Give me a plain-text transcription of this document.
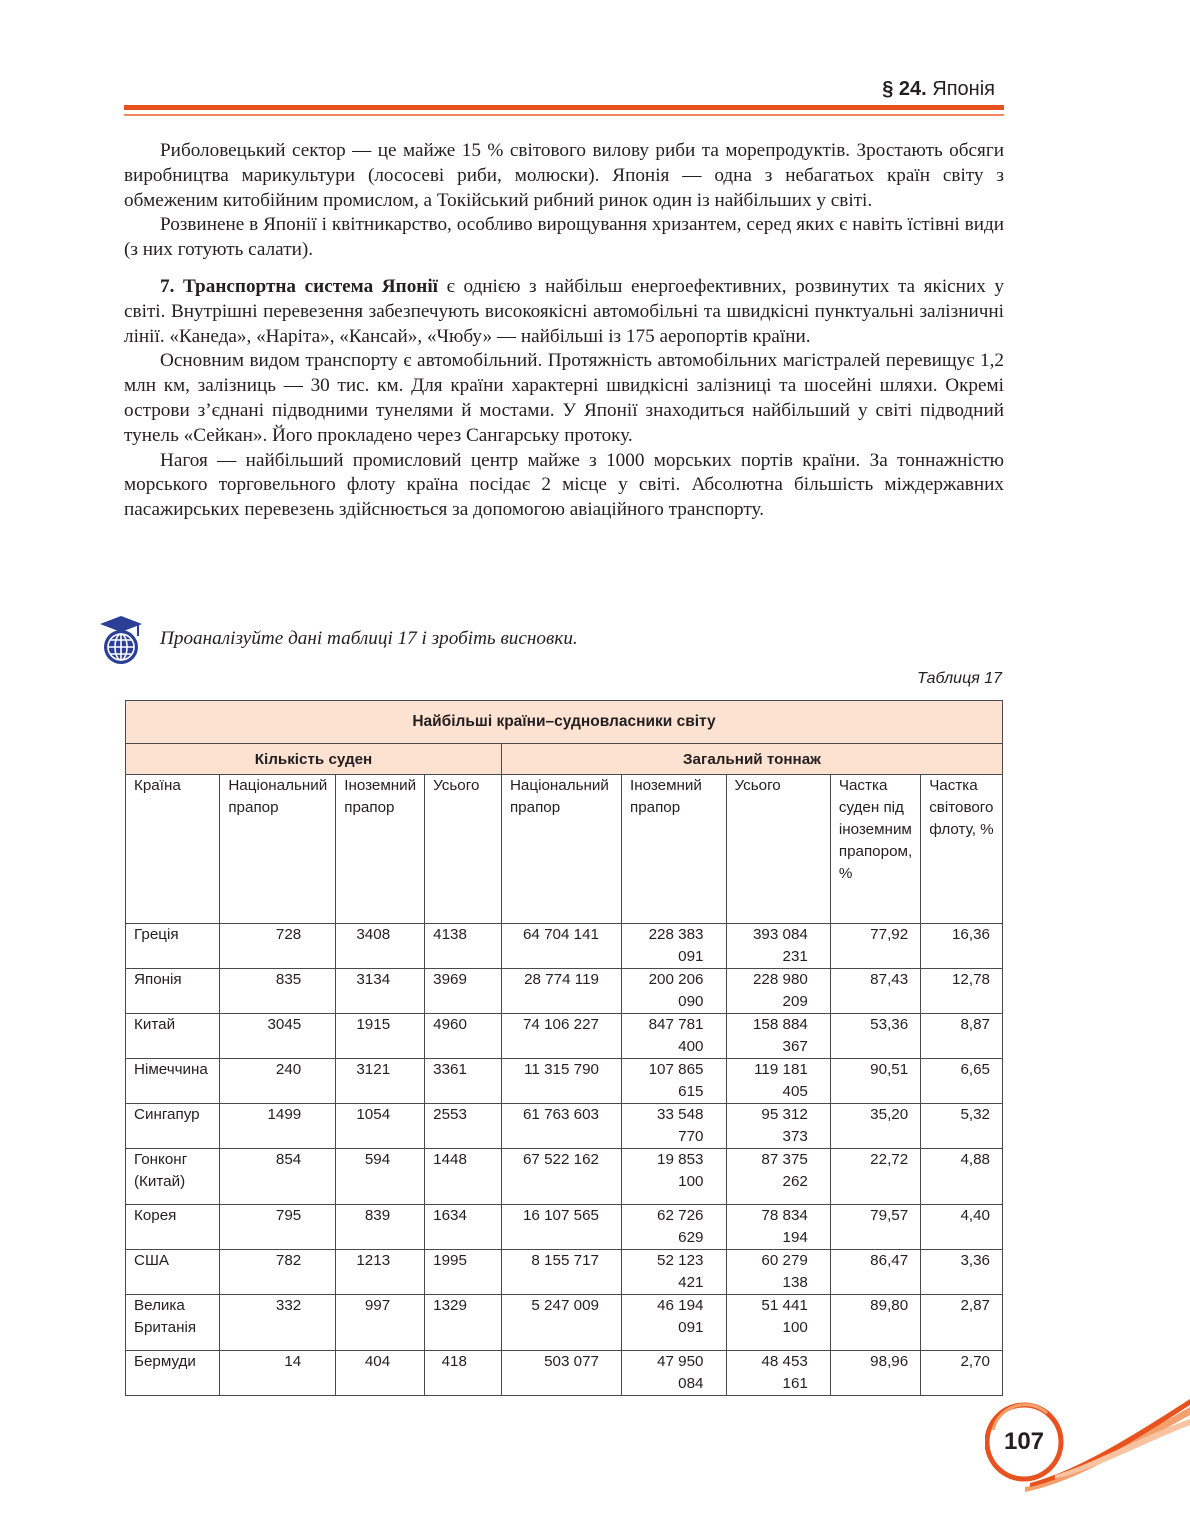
§ 24. Японія

Риболовецький сектор — це майже 15 % світового вилову риби та морепродуктів. Зростають обсяги виробництва марикультури (лососеві риби, молюски). Японія — одна з небагатьох країн світу з обмеженим китобійним промислом, а Токійський рибний ринок один із найбільших у світі.

Розвинене в Японії і квітникарство, особливо вирощування хризантем, серед яких є навіть їстівні види (з них готують салати).

7. Транспортна система Японії є однією з найбільш енергоефективних, розвинутих та якісних у світі. Внутрішні перевезення забезпечують високоякісні автомобільні та швидкісні пунктуальні залізничні лінії. «Канеда», «Наріта», «Кансай», «Чюбу» — найбільші із 175 аеропортів країни.

Основним видом транспорту є автомобільний. Протяжність автомобільних магістралей перевищує 1,2 млн км, залізниць — 30 тис. км. Для країни характерні швидкісні залізниці та шосейні шляхи. Окремі острови з’єднані підводними тунелями й мостами. У Японії знаходиться найбільший у світі підводний тунель «Сейкан». Його прокладено через Сангарську протоку.

Нагоя — найбільший промисловий центр майже з 1000 морських портів країни. За тоннажністю морського торговельного флоту країна посідає 2 місце у світі. Абсолютна більшість міждержавних пасажирських перевезень здійснюється за допомогою авіаційного транспорту.

Проаналізуйте дані таблиці 17 і зробіть висновки.
Таблиця 17
Найбільші країни–судновласники світу								
Кількість суден				Загальний тоннаж				
Країна	Національний прапор	Іноземний прапор	Усього	Національний прапор	Іноземний прапор	Усього	Частка суден під іноземним прапором, %	Частка світового флоту, %
Греція	728	3408	4138	64 704 141	228 383 091	393 084 231	77,92	16,36
Японія	835	3134	3969	28 774 119	200 206 090	228 980 209	87,43	12,78
Китай	3045	1915	4960	74 106 227	847 781 400	158 884 367	53,36	8,87
Німеччина	240	3121	3361	11 315 790	107 865 615	119 181 405	90,51	6,65
Сингапур	1499	1054	2553	61 763 603	33 548 770	95 312 373	35,20	5,32
Гонконг (Китай)	854	594	1448	67 522 162	19 853 100	87 375 262	22,72	4,88
Корея	795	839	1634	16 107 565	62 726 629	78 834 194	79,57	4,40
США	782	1213	1995	8 155 717	52 123 421	60 279 138	86,47	3,36
Велика Британія	332	997	1329	5 247 009	46 194 091	51 441 100	89,80	2,87
Бермуди	14	404	418	503 077	47 950 084	48 453 161	98,96	2,70
107
